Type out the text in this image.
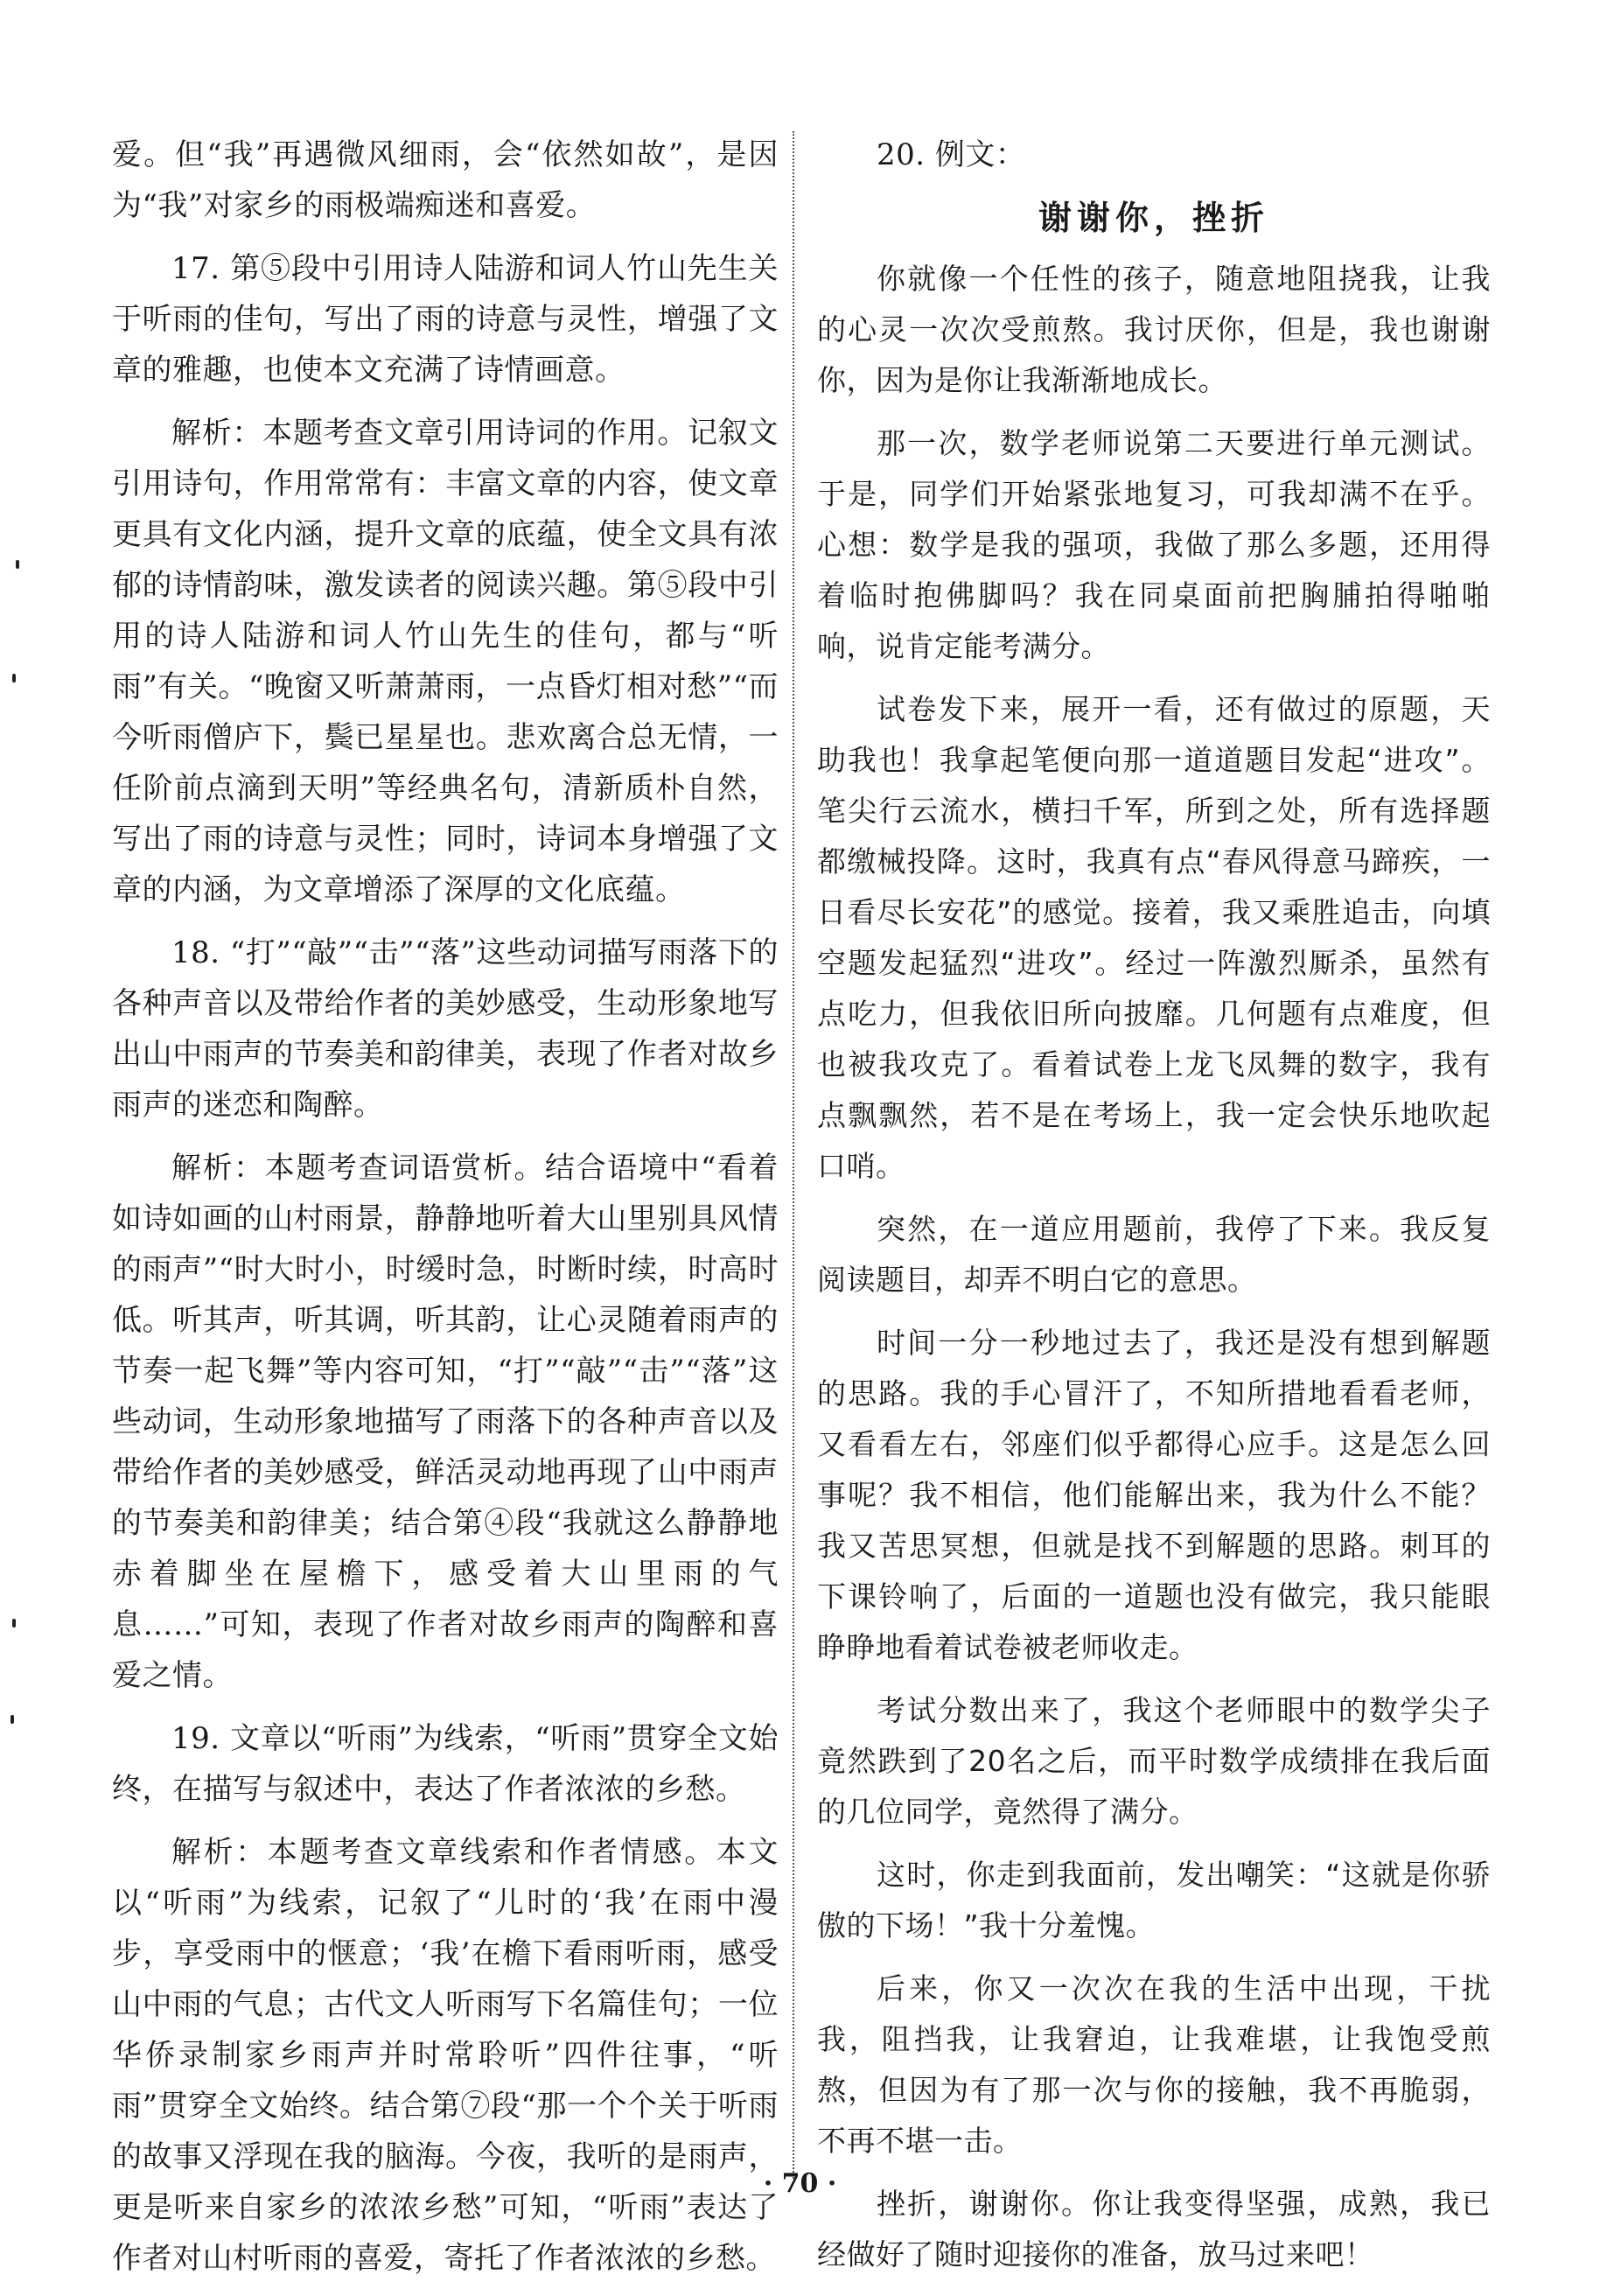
爱。但“我”再遇微风细雨，会“依然如故”，是因为“我”对家乡的雨极端痴迷和喜爱。

17. 第⑤段中引用诗人陆游和词人竹山先生关于听雨的佳句，写出了雨的诗意与灵性，增强了文章的雅趣，也使本文充满了诗情画意。

解析：本题考查文章引用诗词的作用。记叙文引用诗句，作用常常有：丰富文章的内容，使文章更具有文化内涵，提升文章的底蕴，使全文具有浓郁的诗情韵味，激发读者的阅读兴趣。第⑤段中引用的诗人陆游和词人竹山先生的佳句，都与“听雨”有关。“晚窗又听萧萧雨，一点昏灯相对愁”“而今听雨僧庐下，鬓已星星也。悲欢离合总无情，一任阶前点滴到天明”等经典名句，清新质朴自然，写出了雨的诗意与灵性；同时，诗词本身增强了文章的内涵，为文章增添了深厚的文化底蕴。

18. “打”“敲”“击”“落”这些动词描写雨落下的各种声音以及带给作者的美妙感受，生动形象地写出山中雨声的节奏美和韵律美，表现了作者对故乡雨声的迷恋和陶醉。

解析：本题考查词语赏析。结合语境中“看着如诗如画的山村雨景，静静地听着大山里别具风情的雨声”“时大时小，时缓时急，时断时续，时高时低。听其声，听其调，听其韵，让心灵随着雨声的节奏一起飞舞”等内容可知，“打”“敲”“击”“落”这些动词，生动形象地描写了雨落下的各种声音以及带给作者的美妙感受，鲜活灵动地再现了山中雨声的节奏美和韵律美；结合第④段“我就这么静静地赤着脚坐在屋檐下，感受着大山里雨的气息……”可知，表现了作者对故乡雨声的陶醉和喜爱之情。

19. 文章以“听雨”为线索，“听雨”贯穿全文始终，在描写与叙述中，表达了作者浓浓的乡愁。

解析：本题考查文章线索和作者情感。本文以“听雨”为线索，记叙了“儿时的‘我’在雨中漫步，享受雨中的惬意；‘我’在檐下看雨听雨，感受山中雨的气息；古代文人听雨写下名篇佳句；一位华侨录制家乡雨声并时常聆听”四件往事，“听雨”贯穿全文始终。结合第⑦段“那一个个关于听雨的故事又浮现在我的脑海。今夜，我听的是雨声，更是听来自家乡的浓浓乡愁”可知，“听雨”表达了作者对山村听雨的喜爱，寄托了作者浓浓的乡愁。

20. 例文：

谢谢你，挫折

你就像一个任性的孩子，随意地阻挠我，让我的心灵一次次受煎熬。我讨厌你，但是，我也谢谢你，因为是你让我渐渐地成长。

那一次，数学老师说第二天要进行单元测试。于是，同学们开始紧张地复习，可我却满不在乎。心想：数学是我的强项，我做了那么多题，还用得着临时抱佛脚吗？我在同桌面前把胸脯拍得啪啪响，说肯定能考满分。

试卷发下来，展开一看，还有做过的原题，天助我也！我拿起笔便向那一道道题目发起“进攻”。笔尖行云流水，横扫千军，所到之处，所有选择题都缴械投降。这时，我真有点“春风得意马蹄疾，一日看尽长安花”的感觉。接着，我又乘胜追击，向填空题发起猛烈“进攻”。经过一阵激烈厮杀，虽然有点吃力，但我依旧所向披靡。几何题有点难度，但也被我攻克了。看着试卷上龙飞凤舞的数字，我有点飘飘然，若不是在考场上，我一定会快乐地吹起口哨。

突然，在一道应用题前，我停了下来。我反复阅读题目，却弄不明白它的意思。

时间一分一秒地过去了，我还是没有想到解题的思路。我的手心冒汗了，不知所措地看看老师，又看看左右，邻座们似乎都得心应手。这是怎么回事呢？我不相信，他们能解出来，我为什么不能？我又苦思冥想，但就是找不到解题的思路。刺耳的下课铃响了，后面的一道题也没有做完，我只能眼睁睁地看着试卷被老师收走。

考试分数出来了，我这个老师眼中的数学尖子竟然跌到了20名之后，而平时数学成绩排在我后面的几位同学，竟然得了满分。

这时，你走到我面前，发出嘲笑：“这就是你骄傲的下场！”我十分羞愧。

后来，你又一次次在我的生活中出现，干扰我，阻挡我，让我窘迫，让我难堪，让我饱受煎熬，但因为有了那一次与你的接触，我不再脆弱，不再不堪一击。

挫折，谢谢你。你让我变得坚强，成熟，我已经做好了随时迎接你的准备，放马过来吧！

· 70 ·
